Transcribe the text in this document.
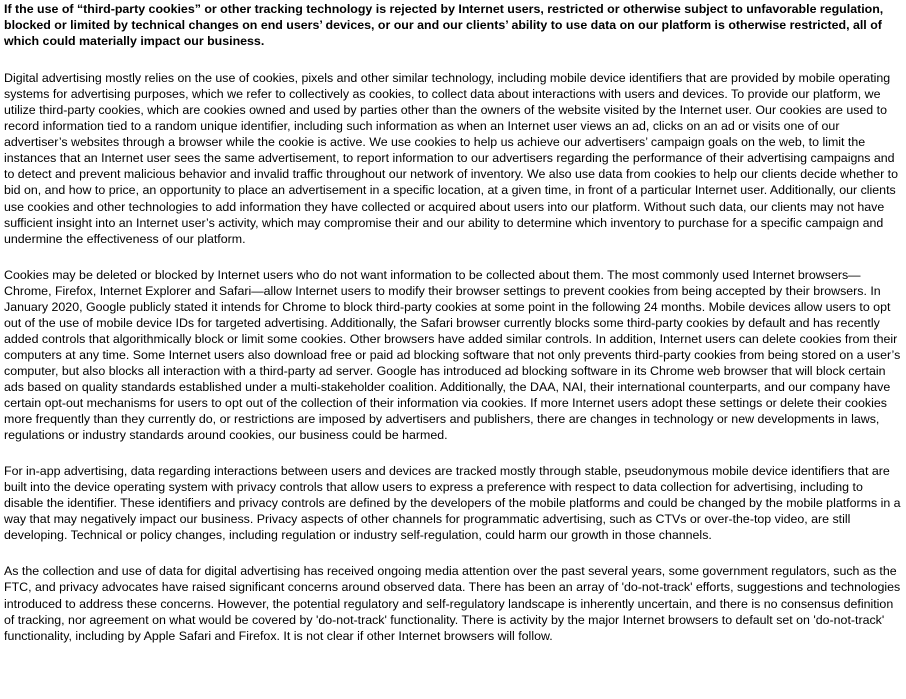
If the use of “third-party cookies” or other tracking technology is rejected by Internet users, restricted or otherwise subject to unfavorable regulation, blocked or limited by technical changes on end users’ devices, or our and our clients’ ability to use data on our platform is otherwise restricted, all of which could materially impact our business.

Digital advertising mostly relies on the use of cookies, pixels and other similar technology, including mobile device identifiers that are provided by mobile operating systems for advertising purposes, which we refer to collectively as cookies, to collect data about interactions with users and devices. To provide our platform, we utilize third-party cookies, which are cookies owned and used by parties other than the owners of the website visited by the Internet user. Our cookies are used to record information tied to a random unique identifier, including such information as when an Internet user views an ad, clicks on an ad or visits one of our advertiser’s websites through a browser while the cookie is active. We use cookies to help us achieve our advertisers’ campaign goals on the web, to limit the instances that an Internet user sees the same advertisement, to report information to our advertisers regarding the performance of their advertising campaigns and to detect and prevent malicious behavior and invalid traffic throughout our network of inventory. We also use data from cookies to help our clients decide whether to bid on, and how to price, an opportunity to place an advertisement in a specific location, at a given time, in front of a particular Internet user. Additionally, our clients use cookies and other technologies to add information they have collected or acquired about users into our platform. Without such data, our clients may not have sufficient insight into an Internet user’s activity, which may compromise their and our ability to determine which inventory to purchase for a specific campaign and undermine the effectiveness of our platform.

Cookies may be deleted or blocked by Internet users who do not want information to be collected about them. The most commonly used Internet browsers—Chrome, Firefox, Internet Explorer and Safari—allow Internet users to modify their browser settings to prevent cookies from being accepted by their browsers. In January 2020, Google publicly stated it intends for Chrome to block third-party cookies at some point in the following 24 months. Mobile devices allow users to opt out of the use of mobile device IDs for targeted advertising. Additionally, the Safari browser currently blocks some third-party cookies by default and has recently added controls that algorithmically block or limit some cookies. Other browsers have added similar controls. In addition, Internet users can delete cookies from their computers at any time. Some Internet users also download free or paid ad blocking software that not only prevents third-party cookies from being stored on a user’s computer, but also blocks all interaction with a third-party ad server. Google has introduced ad blocking software in its Chrome web browser that will block certain ads based on quality standards established under a multi-stakeholder coalition. Additionally, the DAA, NAI, their international counterparts, and our company have certain opt-out mechanisms for users to opt out of the collection of their information via cookies. If more Internet users adopt these settings or delete their cookies more frequently than they currently do, or restrictions are imposed by advertisers and publishers, there are changes in technology or new developments in laws, regulations or industry standards around cookies, our business could be harmed.

For in-app advertising, data regarding interactions between users and devices are tracked mostly through stable, pseudonymous mobile device identifiers that are built into the device operating system with privacy controls that allow users to express a preference with respect to data collection for advertising, including to disable the identifier. These identifiers and privacy controls are defined by the developers of the mobile platforms and could be changed by the mobile platforms in a way that may negatively impact our business. Privacy aspects of other channels for programmatic advertising, such as CTVs or over-the-top video, are still developing. Technical or policy changes, including regulation or industry self-regulation, could harm our growth in those channels.

As the collection and use of data for digital advertising has received ongoing media attention over the past several years, some government regulators, such as the FTC, and privacy advocates have raised significant concerns around observed data. There has been an array of 'do-not-track' efforts, suggestions and technologies introduced to address these concerns. However, the potential regulatory and self-regulatory landscape is inherently uncertain, and there is no consensus definition of tracking, nor agreement on what would be covered by 'do-not-track' functionality. There is activity by the major Internet browsers to default set on 'do-not-track' functionality, including by Apple Safari and Firefox. It is not clear if other Internet browsers will follow.
